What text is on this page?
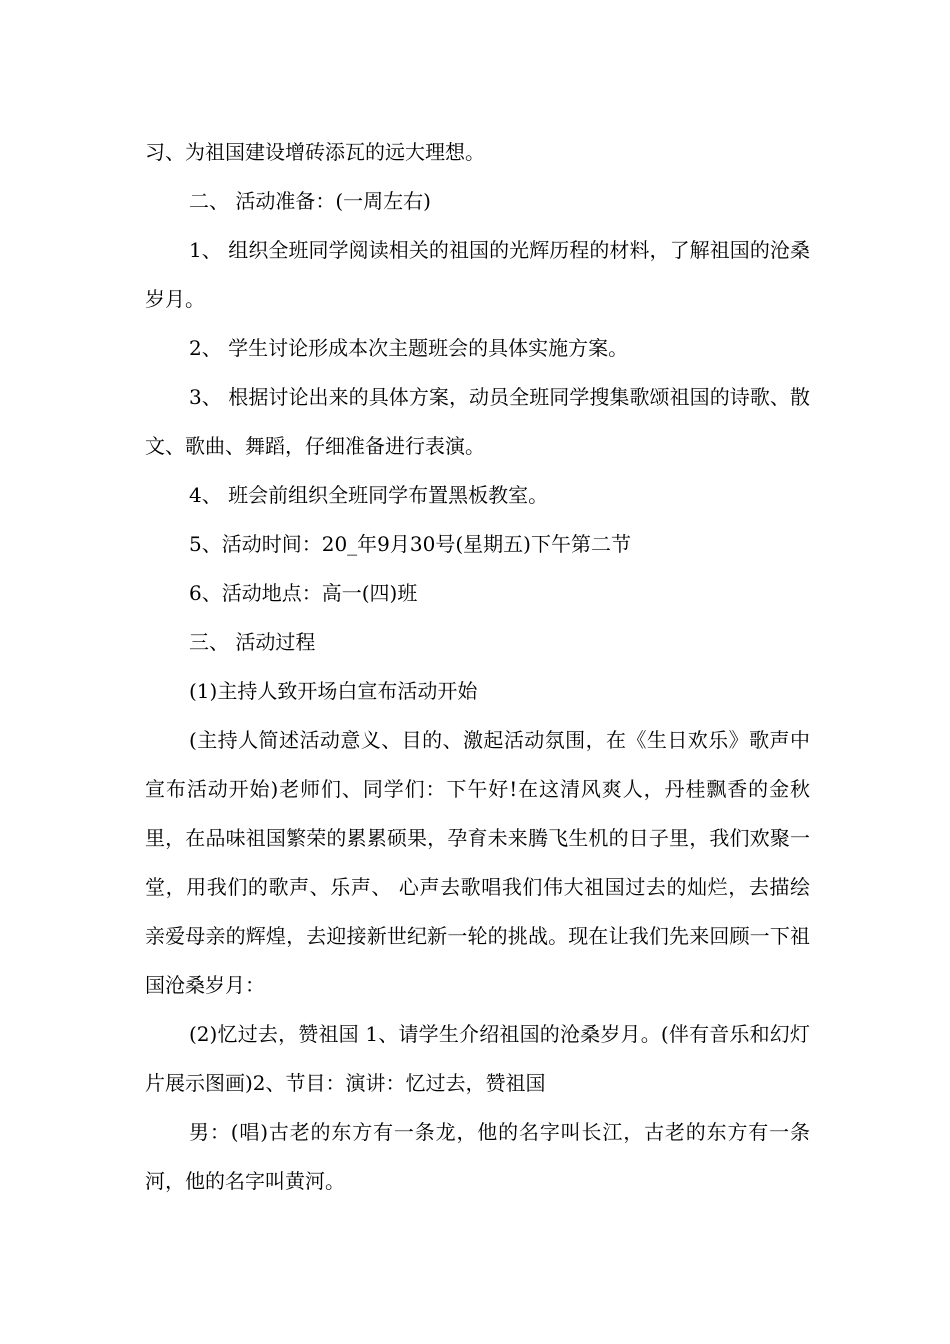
习、为祖国建设增砖添瓦的远大理想。

二、 活动准备：(一周左右)

1、 组织全班同学阅读相关的祖国的光辉历程的材料，了解祖国的沧桑岁月。

2、 学生讨论形成本次主题班会的具体实施方案。

3、 根据讨论出来的具体方案，动员全班同学搜集歌颂祖国的诗歌、散文、歌曲、舞蹈，仔细准备进行表演。

4、 班会前组织全班同学布置黑板教室。

5、活动时间：20_年9月30号(星期五)下午第二节

6、活动地点：高一(四)班

三、 活动过程

(1)主持人致开场白宣布活动开始

(主持人简述活动意义、目的、激起活动氛围，在《生日欢乐》歌声中宣布活动开始)老师们、同学们：下午好!在这清风爽人，丹桂飘香的金秋里，在品味祖国繁荣的累累硕果，孕育未来腾飞生机的日子里，我们欢聚一堂，用我们的歌声、乐声、 心声去歌唱我们伟大祖国过去的灿烂，去描绘亲爱母亲的辉煌，去迎接新世纪新一轮的挑战。现在让我们先来回顾一下祖国沧桑岁月：

(2)忆过去，赞祖国 1、请学生介绍祖国的沧桑岁月。(伴有音乐和幻灯片展示图画)2、节目：演讲：忆过去，赞祖国

男：(唱)古老的东方有一条龙，他的名字叫长江，古老的东方有一条河，他的名字叫黄河。
